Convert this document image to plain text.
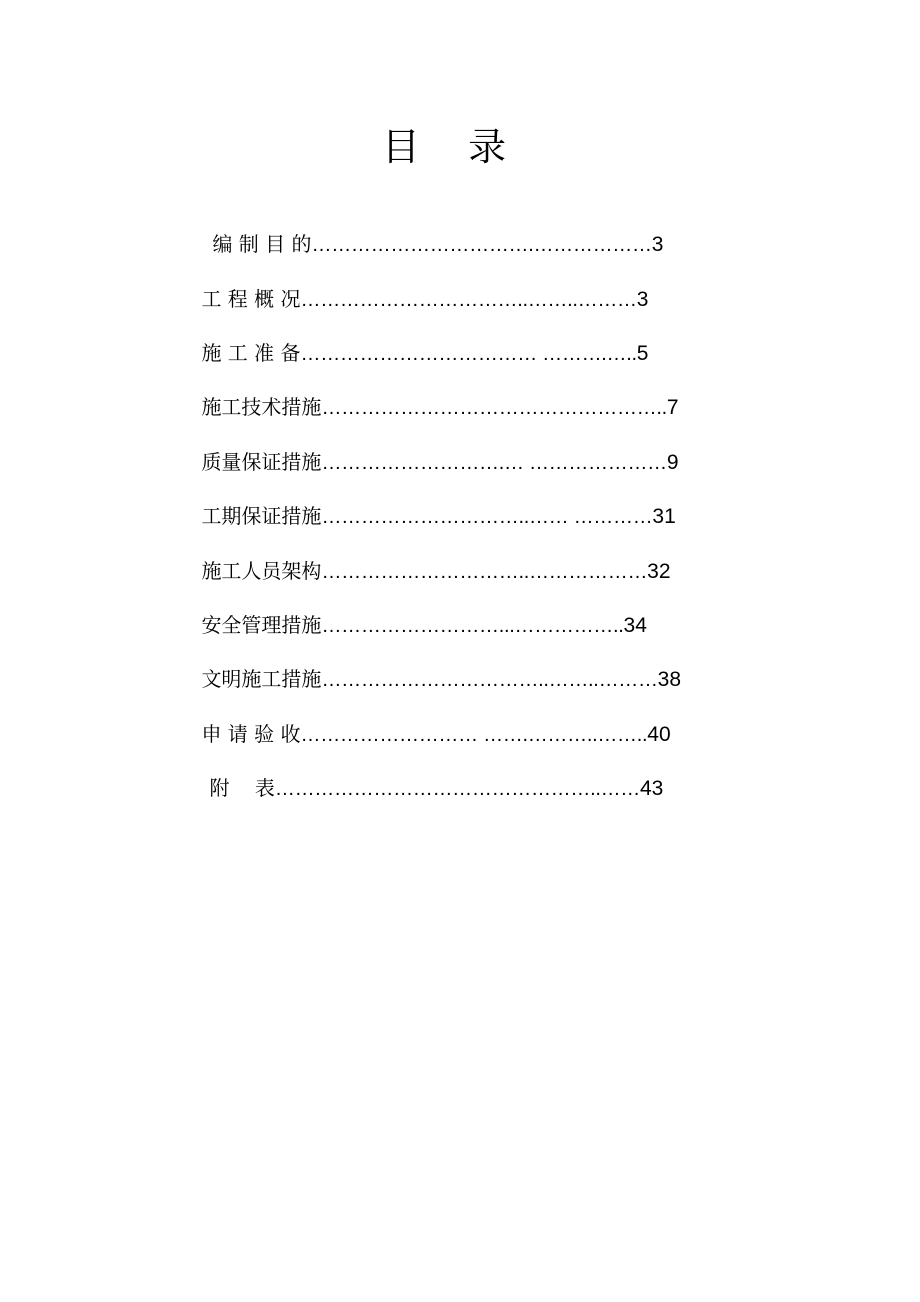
目    录

编 制 目 的…………………………….………………3

工 程 概 况……………………………..……..………3

施 工 准 备……………………………… ……….…..5

施工技术措施……………………………………………..7

质量保证措施……………………….… …………………9

工期保证措施…………………………..…… …………31

施工人员架构…………………………..………………32

安全管理措施………………………...……………..34

文明施工措施……………………………..……..………38

申 请 验 收……………………… …….………..……..40

附    表…………………………………………..……43
